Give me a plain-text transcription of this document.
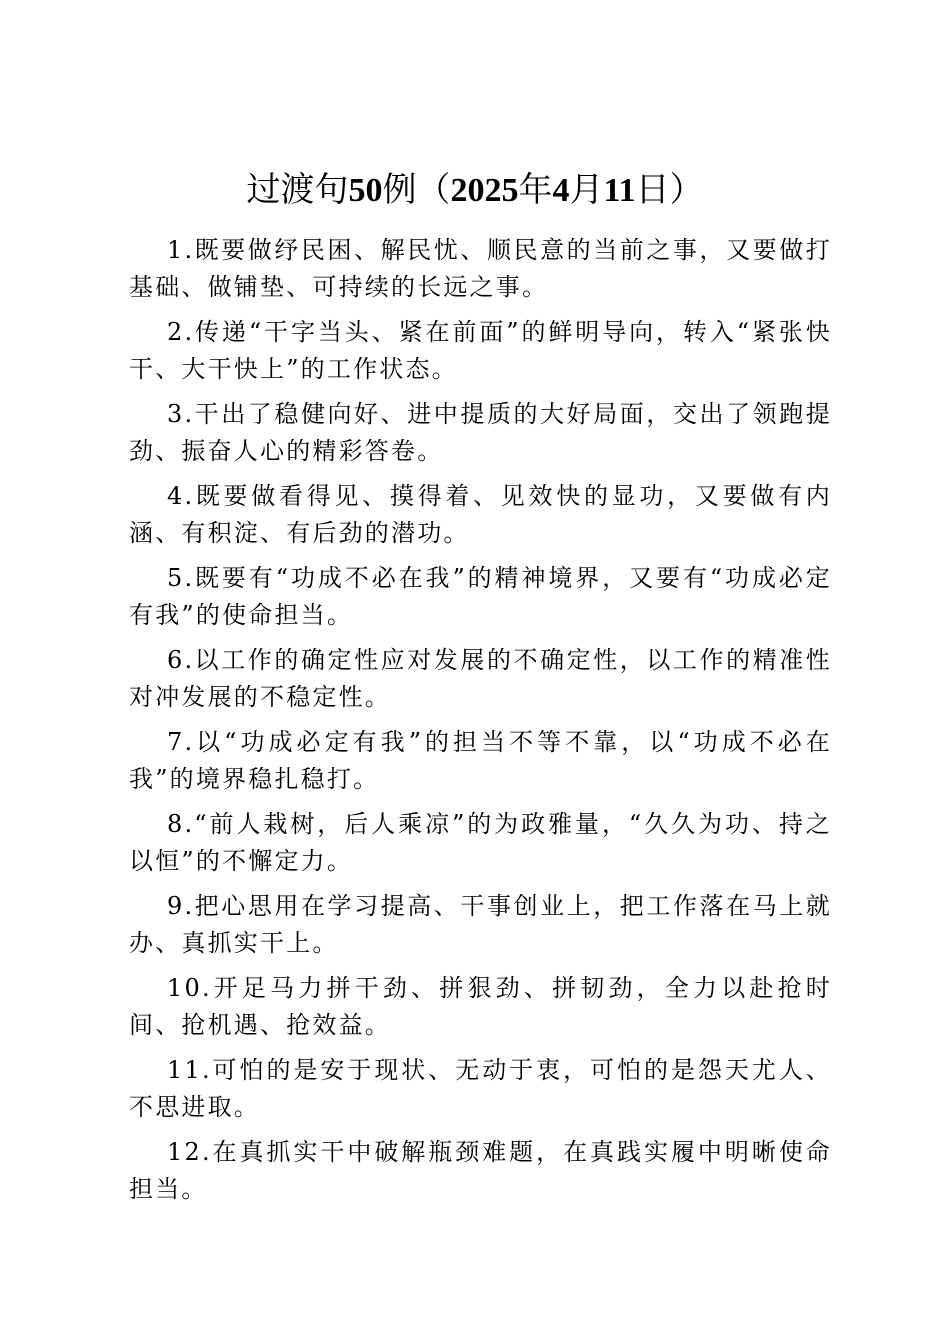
过渡句50例（2025年4月11日）

1.既要做纾民困、解民忧、顺民意的当前之事，又要做打基础、做铺垫、可持续的长远之事。

2.传递“干字当头、紧在前面”的鲜明导向，转入“紧张快干、大干快上”的工作状态。

3.干出了稳健向好、进中提质的大好局面，交出了领跑提劲、振奋人心的精彩答卷。

4.既要做看得见、摸得着、见效快的显功，又要做有内涵、有积淀、有后劲的潜功。

5.既要有“功成不必在我”的精神境界，又要有“功成必定有我”的使命担当。

6.以工作的确定性应对发展的不确定性，以工作的精准性对冲发展的不稳定性。

7.以“功成必定有我”的担当不等不靠，以“功成不必在我”的境界稳扎稳打。

8.“前人栽树，后人乘凉”的为政雅量，“久久为功、持之以恒”的不懈定力。

9.把心思用在学习提高、干事创业上，把工作落在马上就办、真抓实干上。

10.开足马力拼干劲、拼狠劲、拼韧劲，全力以赴抢时间、抢机遇、抢效益。

11.可怕的是安于现状、无动于衷，可怕的是怨天尤人、不思进取。

12.在真抓实干中破解瓶颈难题，在真践实履中明晰使命担当。
